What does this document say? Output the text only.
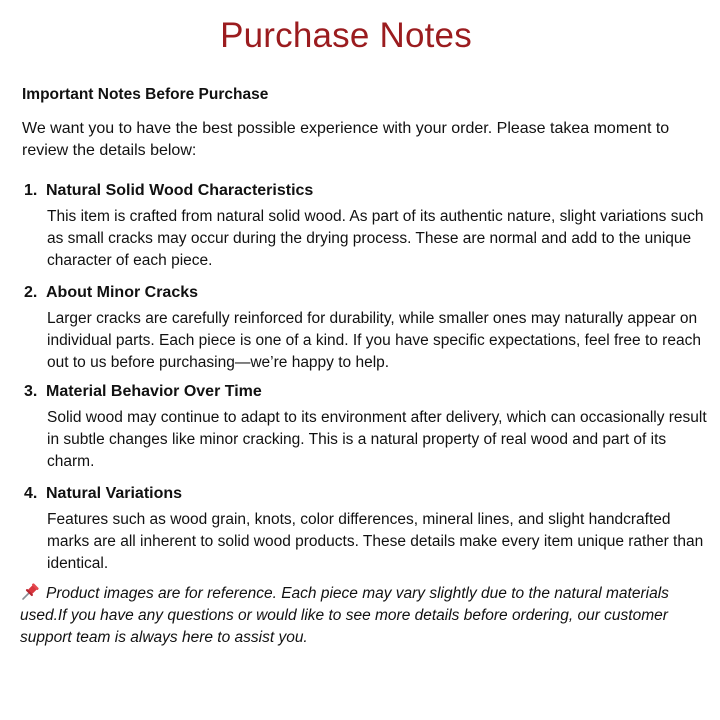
Purchase Notes
Important Notes Before Purchase
We want you to have the best possible experience with your order. Please takea moment to review the details below:
1. Natural Solid Wood Characteristics
This item is crafted from natural solid wood. As part of its authentic nature, slight variations such as small cracks may occur during the drying process. These are normal and add to the unique character of each piece.
2. About Minor Cracks
Larger cracks are carefully reinforced for durability, while smaller ones may naturally appear on individual parts. Each piece is one of a kind. If you have specific expectations, feel free to reach out to us before purchasing—we’re happy to help.
3. Material Behavior Over Time
Solid wood may continue to adapt to its environment after delivery, which can occasionally result in subtle changes like minor cracking. This is a natural property of real wood and part of its charm.
4. Natural Variations
Features such as wood grain, knots, color differences, mineral lines, and slight handcrafted marks are all inherent to solid wood products. These details make every item unique rather than identical.
Product images are for reference. Each piece may vary slightly due to the natural materials used.If you have any questions or would like to see more details before ordering, our customer support team is always here to assist you.
